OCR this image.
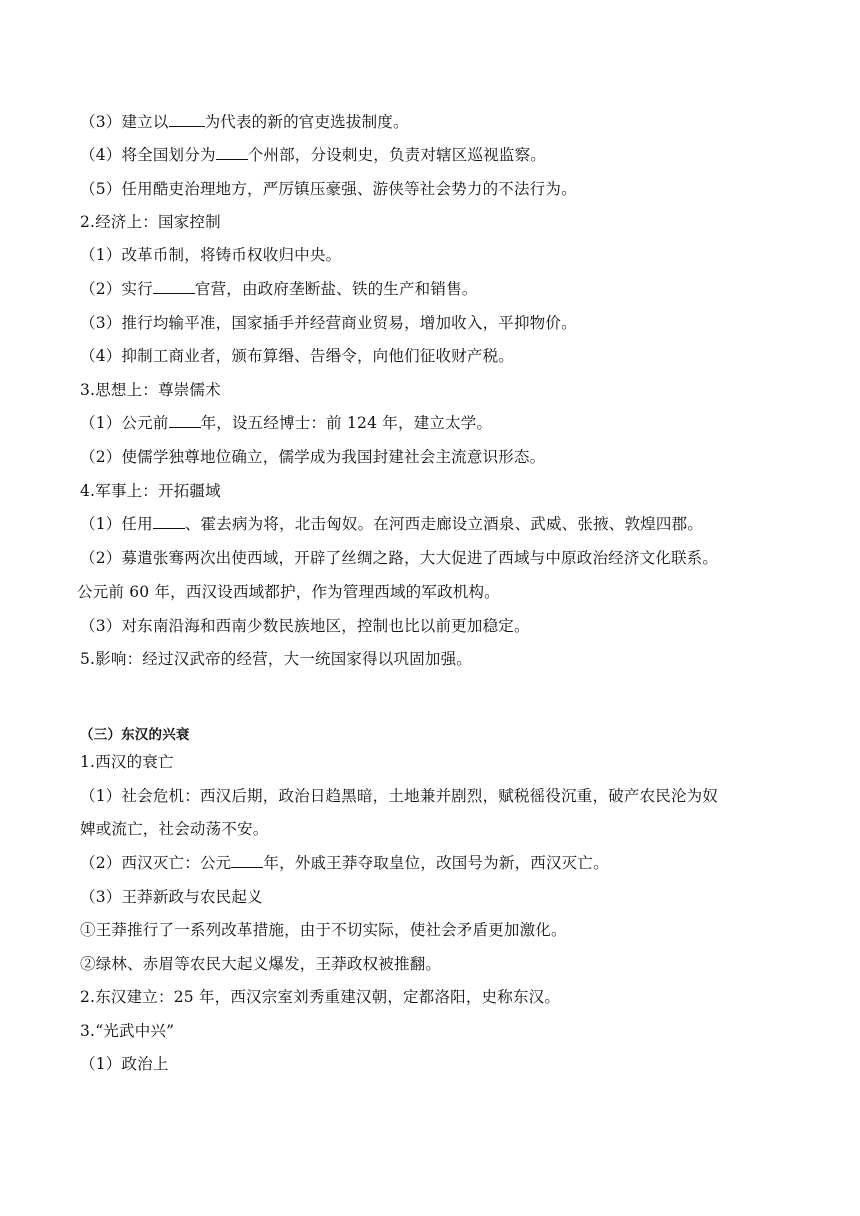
（3）建立以 为代表的新的官吏选拔制度。
（4）将全国划分为 个州部，分设刺史，负责对辖区巡视监察。
（5）任用酷吏治理地方，严厉镇压豪强、游侠等社会势力的不法行为。
2.经济上：国家控制
（1）改革币制，将铸币权收归中央。
（2）实行	官营，由政府垄断盐、铁的生产和销售。
（3）推行均输平准，国家插手并经营商业贸易，增加收入，平抑物价。
（4）抑制工商业者，颁布算缗、告缗令，向他们征收财产税。
3.思想上：尊崇儒术
（1）公元前 年，设五经博士：前 124 年，建立太学。
（2）使儒学独尊地位确立，儒学成为我国封建社会主流意识形态。
4.军事上：开拓疆域
（1）任用 、霍去病为将，北击匈奴。在河西走廊设立酒泉、武威、张掖、敦煌四郡。
（2）募遣张骞两次出使西域，开辟了丝绸之路，大大促进了西域与中原政治经济文化联系。
公元前 60 年，西汉设西域都护，作为管理西域的军政机构。
（3）对东南沿海和西南少数民族地区，控制也比以前更加稳定。
5.影响：经过汉武帝的经营，大一统国家得以巩固加强。
（三）东汉的兴衰
1.西汉的衰亡
（1）社会危机：西汉后期，政治日趋黑暗，土地兼并剧烈，赋税徭役沉重，破产农民沦为奴
婢或流亡，社会动荡不安。
（2）西汉灭亡：公元 年，外戚王莽夺取皇位，改国号为新，西汉灭亡。
（3）王莽新政与农民起义
①王莽推行了一系列改革措施，由于不切实际，使社会矛盾更加激化。
②绿林、赤眉等农民大起义爆发，王莽政权被推翻。
2.东汉建立：25 年，西汉宗室刘秀重建汉朝，定都洛阳，史称东汉。
3.“光武中兴”
（1）政治上
